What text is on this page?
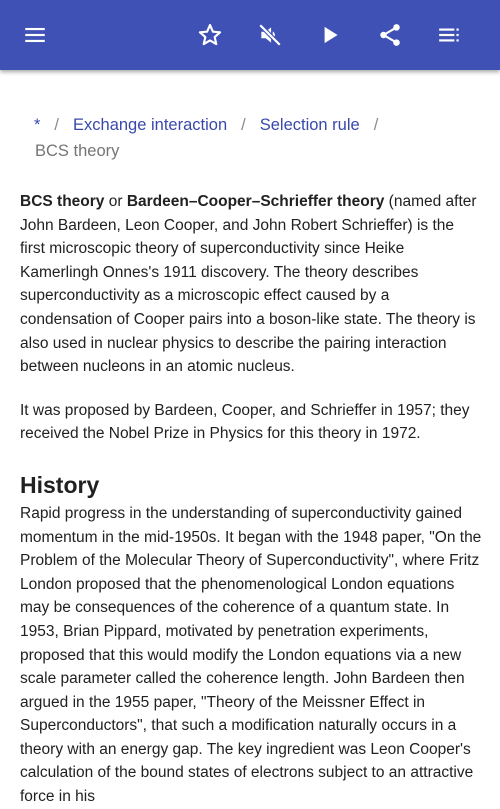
* / Exchange interaction / Selection rule /
BCS theory

BCS theory or Bardeen–Cooper–Schrieffer theory (named after John Bardeen, Leon Cooper, and John Robert Schrieffer) is the first microscopic theory of superconductivity since Heike Kamerlingh Onnes's 1911 discovery. The theory describes superconductivity as a microscopic effect caused by a condensation of Cooper pairs into a boson-like state. The theory is also used in nuclear physics to describe the pairing interaction between nucleons in an atomic nucleus.

It was proposed by Bardeen, Cooper, and Schrieffer in 1957; they received the Nobel Prize in Physics for this theory in 1972.

History

Rapid progress in the understanding of superconductivity gained momentum in the mid-1950s. It began with the 1948 paper, "On the Problem of the Molecular Theory of Superconductivity", where Fritz London proposed that the phenomenological London equations may be consequences of the coherence of a quantum state. In 1953, Brian Pippard, motivated by penetration experiments, proposed that this would modify the London equations via a new scale parameter called the coherence length. John Bardeen then argued in the 1955 paper, "Theory of the Meissner Effect in Superconductors", that such a modification naturally occurs in a theory with an energy gap. The key ingredient was Leon Cooper's calculation of the bound states of electrons subject to an attractive force in his
